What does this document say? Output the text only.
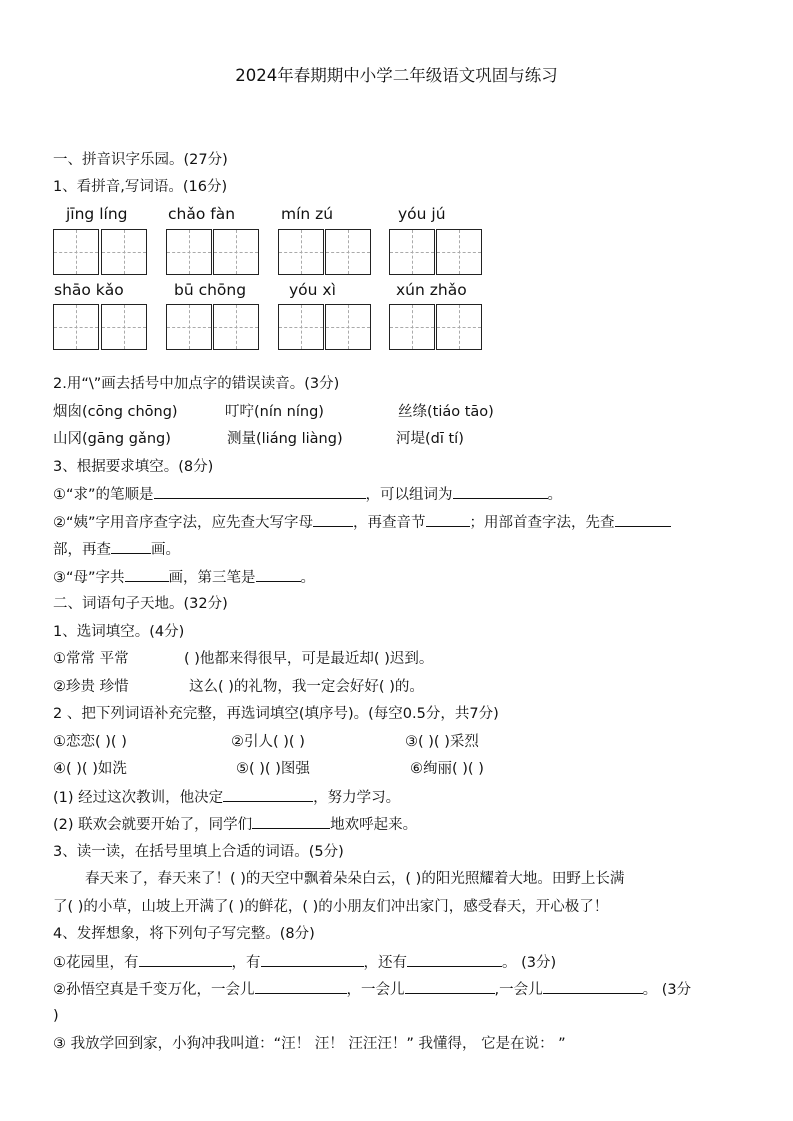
2024年春期期中小学二年级语文巩固与练习
一、拼音识字乐园。(27分)
1、看拼音,写词语。(16分)
jīng líng	chǎo fàn	mín zú	yóu jú
shāo kǎo	bū chōng	yóu xì	xún zhǎo
2.用“\”画去括号中加点字的错误读音。(3分)
烟囱(cōng chōng)	叮咛(nín níng)	丝绦(tiáo tāo)
山冈(gāng gǎng)	测量(liáng liàng)	河堤(dī tí)
3、根据要求填空。(8分)
①“求”的笔顺是	，可以组词为	。
②“姨”字用音序查字法，应先查大写字母	，再查音节	；用部首查字法，先查
部，再查	画。
③“母”字共	画，第三笔是	。
二、词语句子天地。(32分)
1、选词填空。(4分)
①常常 平常	( )他都来得很早，可是最近却( )迟到。
②珍贵 珍惜	这么( )的礼物，我一定会好好( )的。
2 、把下列词语补充完整，再选词填空(填序号)。(每空0.5分，共7分)
①恋恋( )( )	②引人( )( )	③( )( )采烈
④( )( )如洗	⑤( )( )图强	⑥绚丽( )( )
(1) 经过这次教训，他决定	，努力学习。
(2) 联欢会就要开始了，同学们	地欢呼起来。
3、读一读，在括号里填上合适的词语。(5分)
春天来了，春天来了！( )的天空中飘着朵朵白云，( )的阳光照耀着大地。田野上长满
了( )的小草，山坡上开满了( )的鲜花，( )的小朋友们冲出家门，感受春天，开心极了！
4、发挥想象，将下列句子写完整。(8分)
①花园里，有	，有	，还有	。 (3分)
②孙悟空真是千变万化，一会儿	，一会儿	,一会儿	。 (3分
)
③ 我放学回到家，小狗冲我叫道：“汪！ 汪！ 汪汪汪！” 我懂得， 它是在说： ”
